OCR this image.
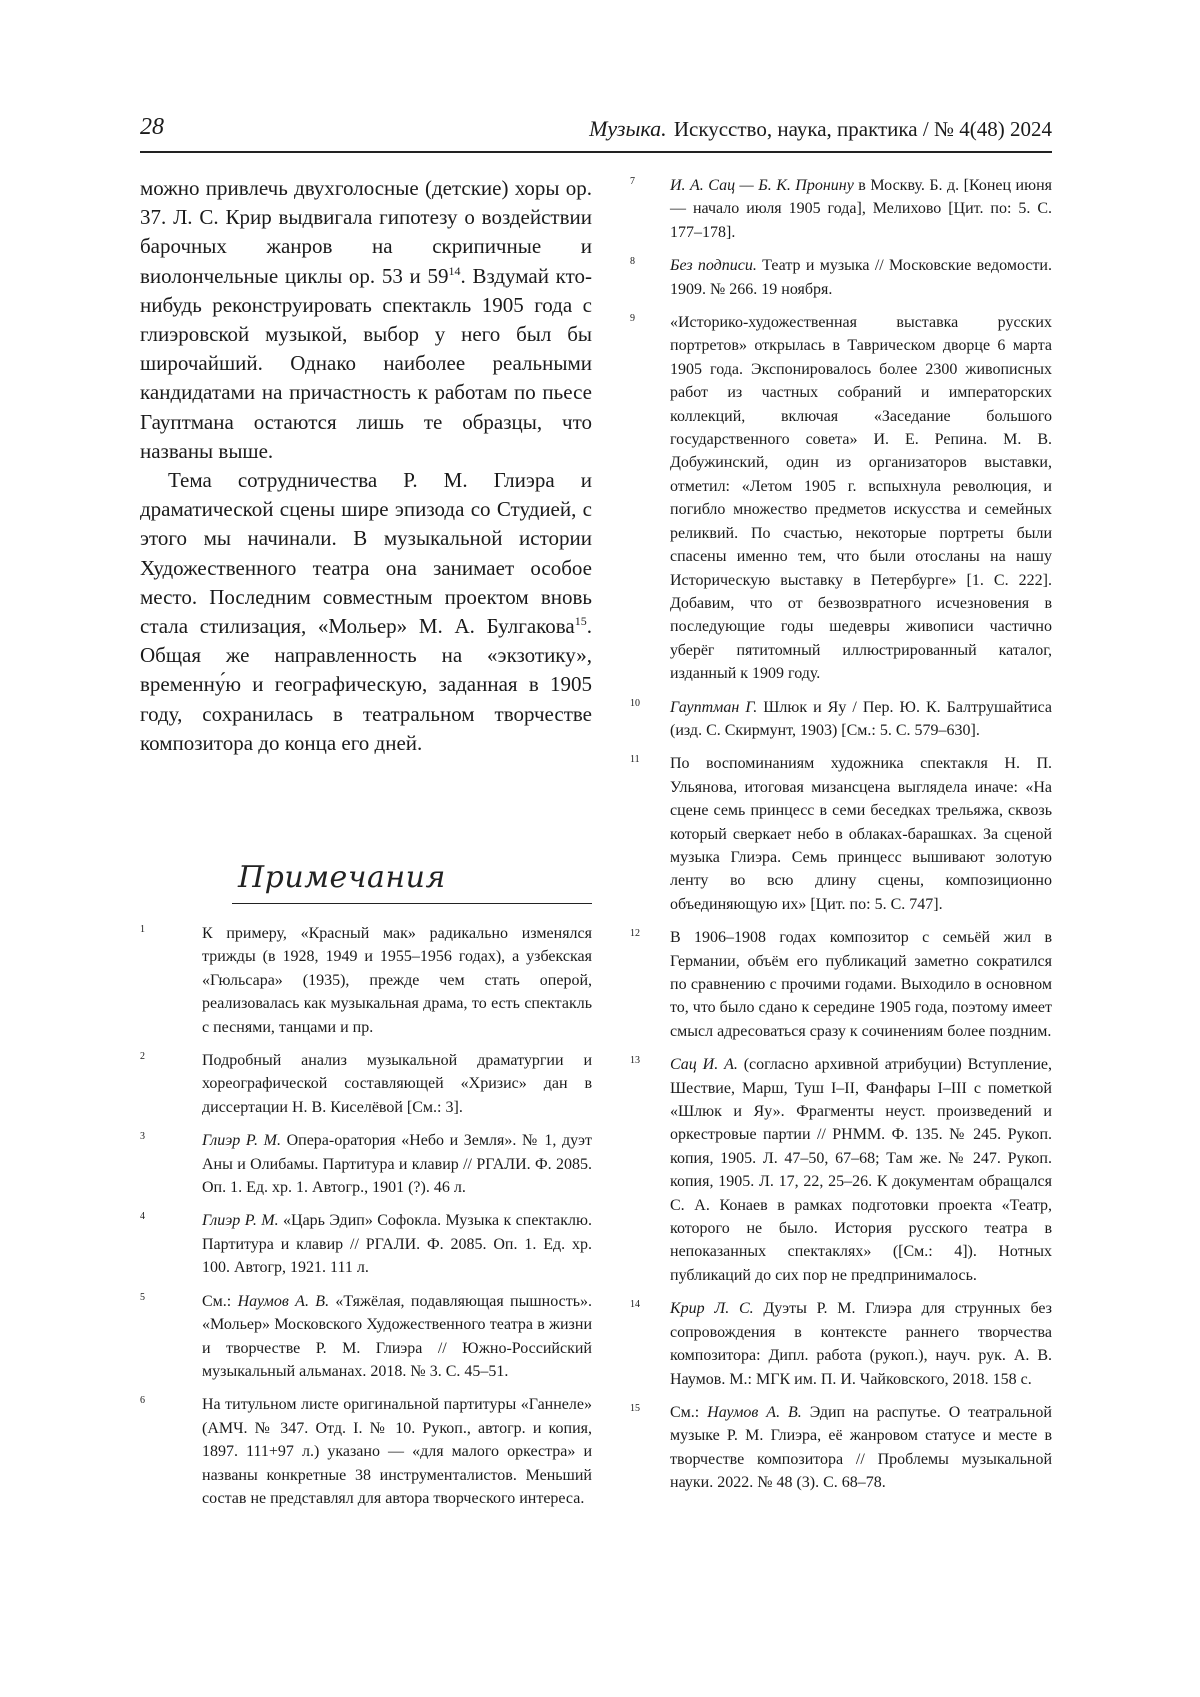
28	Музыка. Искусство, наука, практика / № 4(48) 2024

можно привлечь двухголосные (детские) хоры ор. 37. Л. С. Крир выдвигала гипотезу о воздействии барочных жанров на скрипичные и виолончельные циклы ор. 53 и $59^{14}$. Вздумай кто-нибудь реконструировать спектакль 1905 года с глиэровской музыкой, выбор у него был бы широчайший. Однако наиболее реальными кандидатами на причастность к работам по пьесе Гауптмана остаются лишь те образцы, что названы выше.

Тема сотрудничества Р. М. Глиэра и драматической сцены шире эпизода со Студией, с этого мы начинали. В музыкальной истории Художественного театра она занимает особое место. Последним совместным проектом вновь стала стилизация, «Мольер» М. А. Булгакова$^{15}$. Общая же направленность на «экзотику», временну́ю и географическую, заданная в 1905 году, сохранилась в театральном творчестве композитора до конца его дней.

Примечания
1	К примеру, «Красный мак» радикально изменялся трижды (в 1928, 1949 и 1955–1956 годах), а узбекская «Гюльсара» (1935), прежде чем стать оперой, реализовалась как музыкальная драма, то есть спектакль с песнями, танцами и пр.
2	Подробный анализ музыкальной драматургии и хореографической составляющей «Хризис» дан в диссертации Н. В. Киселёвой [См.: 3].
3	Глиэр Р. М. Опера-оратория «Небо и Земля». № 1, дуэт Аны и Олибамы. Партитура и клавир // РГАЛИ. Ф. 2085. Оп. 1. Ед. хр. 1. Автогр., 1901 (?). 46 л.
4	Глиэр Р. М. «Царь Эдип» Софокла. Музыка к спектаклю. Партитура и клавир // РГАЛИ. Ф. 2085. Оп. 1. Ед. хр. 100. Автогр, 1921. 111 л.
5	См.: Наумов А. В. «Тяжёлая, подавляющая пышность». «Мольер» Московского Художественного театра в жизни и творчестве Р. М. Глиэра // Южно-Российский музыкальный альманах. 2018. № 3. С. 45–51.
6	На титульном листе оригинальной партитуры «Ганнеле» (АМЧ. № 347. Отд. I. № 10. Рукоп., автогр. и копия, 1897. 111+97 л.) указано — «для малого оркестра» и названы конкретные 38 инструменталистов. Меньший состав не представлял для автора творческого интереса.
7	И. А. Сац — Б. К. Пронину в Москву. Б. д. [Конец июня — начало июля 1905 года], Мелихово [Цит. по: 5. С. 177–178].
8	Без подписи. Театр и музыка // Московские ведомости. 1909. № 266. 19 ноября.
9	«Историко-художественная выставка русских портретов» открылась в Таврическом дворце 6 марта 1905 года. Экспонировалось более 2300 живописных работ из частных собраний и императорских коллекций, включая «Заседание большого государственного совета» И. Е. Репина. М. В. Добужинский, один из организаторов выставки, отметил: «Летом 1905 г. вспыхнула революция, и погибло множество предметов искусства и семейных реликвий. По счастью, некоторые портреты были спасены именно тем, что были отосланы на нашу Историческую выставку в Петербурге» [1. С. 222]. Добавим, что от безвозвратного исчезновения в последующие годы шедевры живописи частично уберёг пятитомный иллюстрированный каталог, изданный к 1909 году.
10	Гауптман Г. Шлюк и Яу / Пер. Ю. К. Балтрушайтиса (изд. С. Скирмунт, 1903) [См.: 5. С. 579–630].
11	По воспоминаниям художника спектакля Н. П. Ульянова, итоговая мизансцена выглядела иначе: «На сцене семь принцесс в семи беседках трельяжа, сквозь который сверкает небо в облаках-барашках. За сценой музыка Глиэра. Семь принцесс вышивают золотую ленту во всю длину сцены, композиционно объединяющую их» [Цит. по: 5. С. 747].
12	В 1906–1908 годах композитор с семьёй жил в Германии, объём его публикаций заметно сократился по сравнению с прочими годами. Выходило в основном то, что было сдано к середине 1905 года, поэтому имеет смысл адресоваться сразу к сочинениям более поздним.
13	Сац И. А. (согласно архивной атрибуции) Вступление, Шествие, Марш, Туш I–II, Фанфары I–III с пометкой «Шлюк и Яу». Фрагменты неуст. произведений и оркестровые партии // РНММ. Ф. 135. № 245. Рукоп. копия, 1905. Л. 47–50, 67–68; Там же. № 247. Рукоп. копия, 1905. Л. 17, 22, 25–26. К документам обращался С. А. Конаев в рамках подготовки проекта «Театр, которого не было. История русского театра в непоказанных спектаклях» ([См.: 4]). Нотных публикаций до сих пор не предпринималось.
14	Крир Л. С. Дуэты Р. М. Глиэра для струнных без сопровождения в контексте раннего творчества композитора: Дипл. работа (рукоп.), науч. рук. А. В. Наумов. М.: МГК им. П. И. Чайковского, 2018. 158 с.
15	См.: Наумов А. В. Эдип на распутье. О театральной музыке Р. М. Глиэра, её жанровом статусе и месте в творчестве композитора // Проблемы музыкальной науки. 2022. № 48 (3). С. 68–78.
